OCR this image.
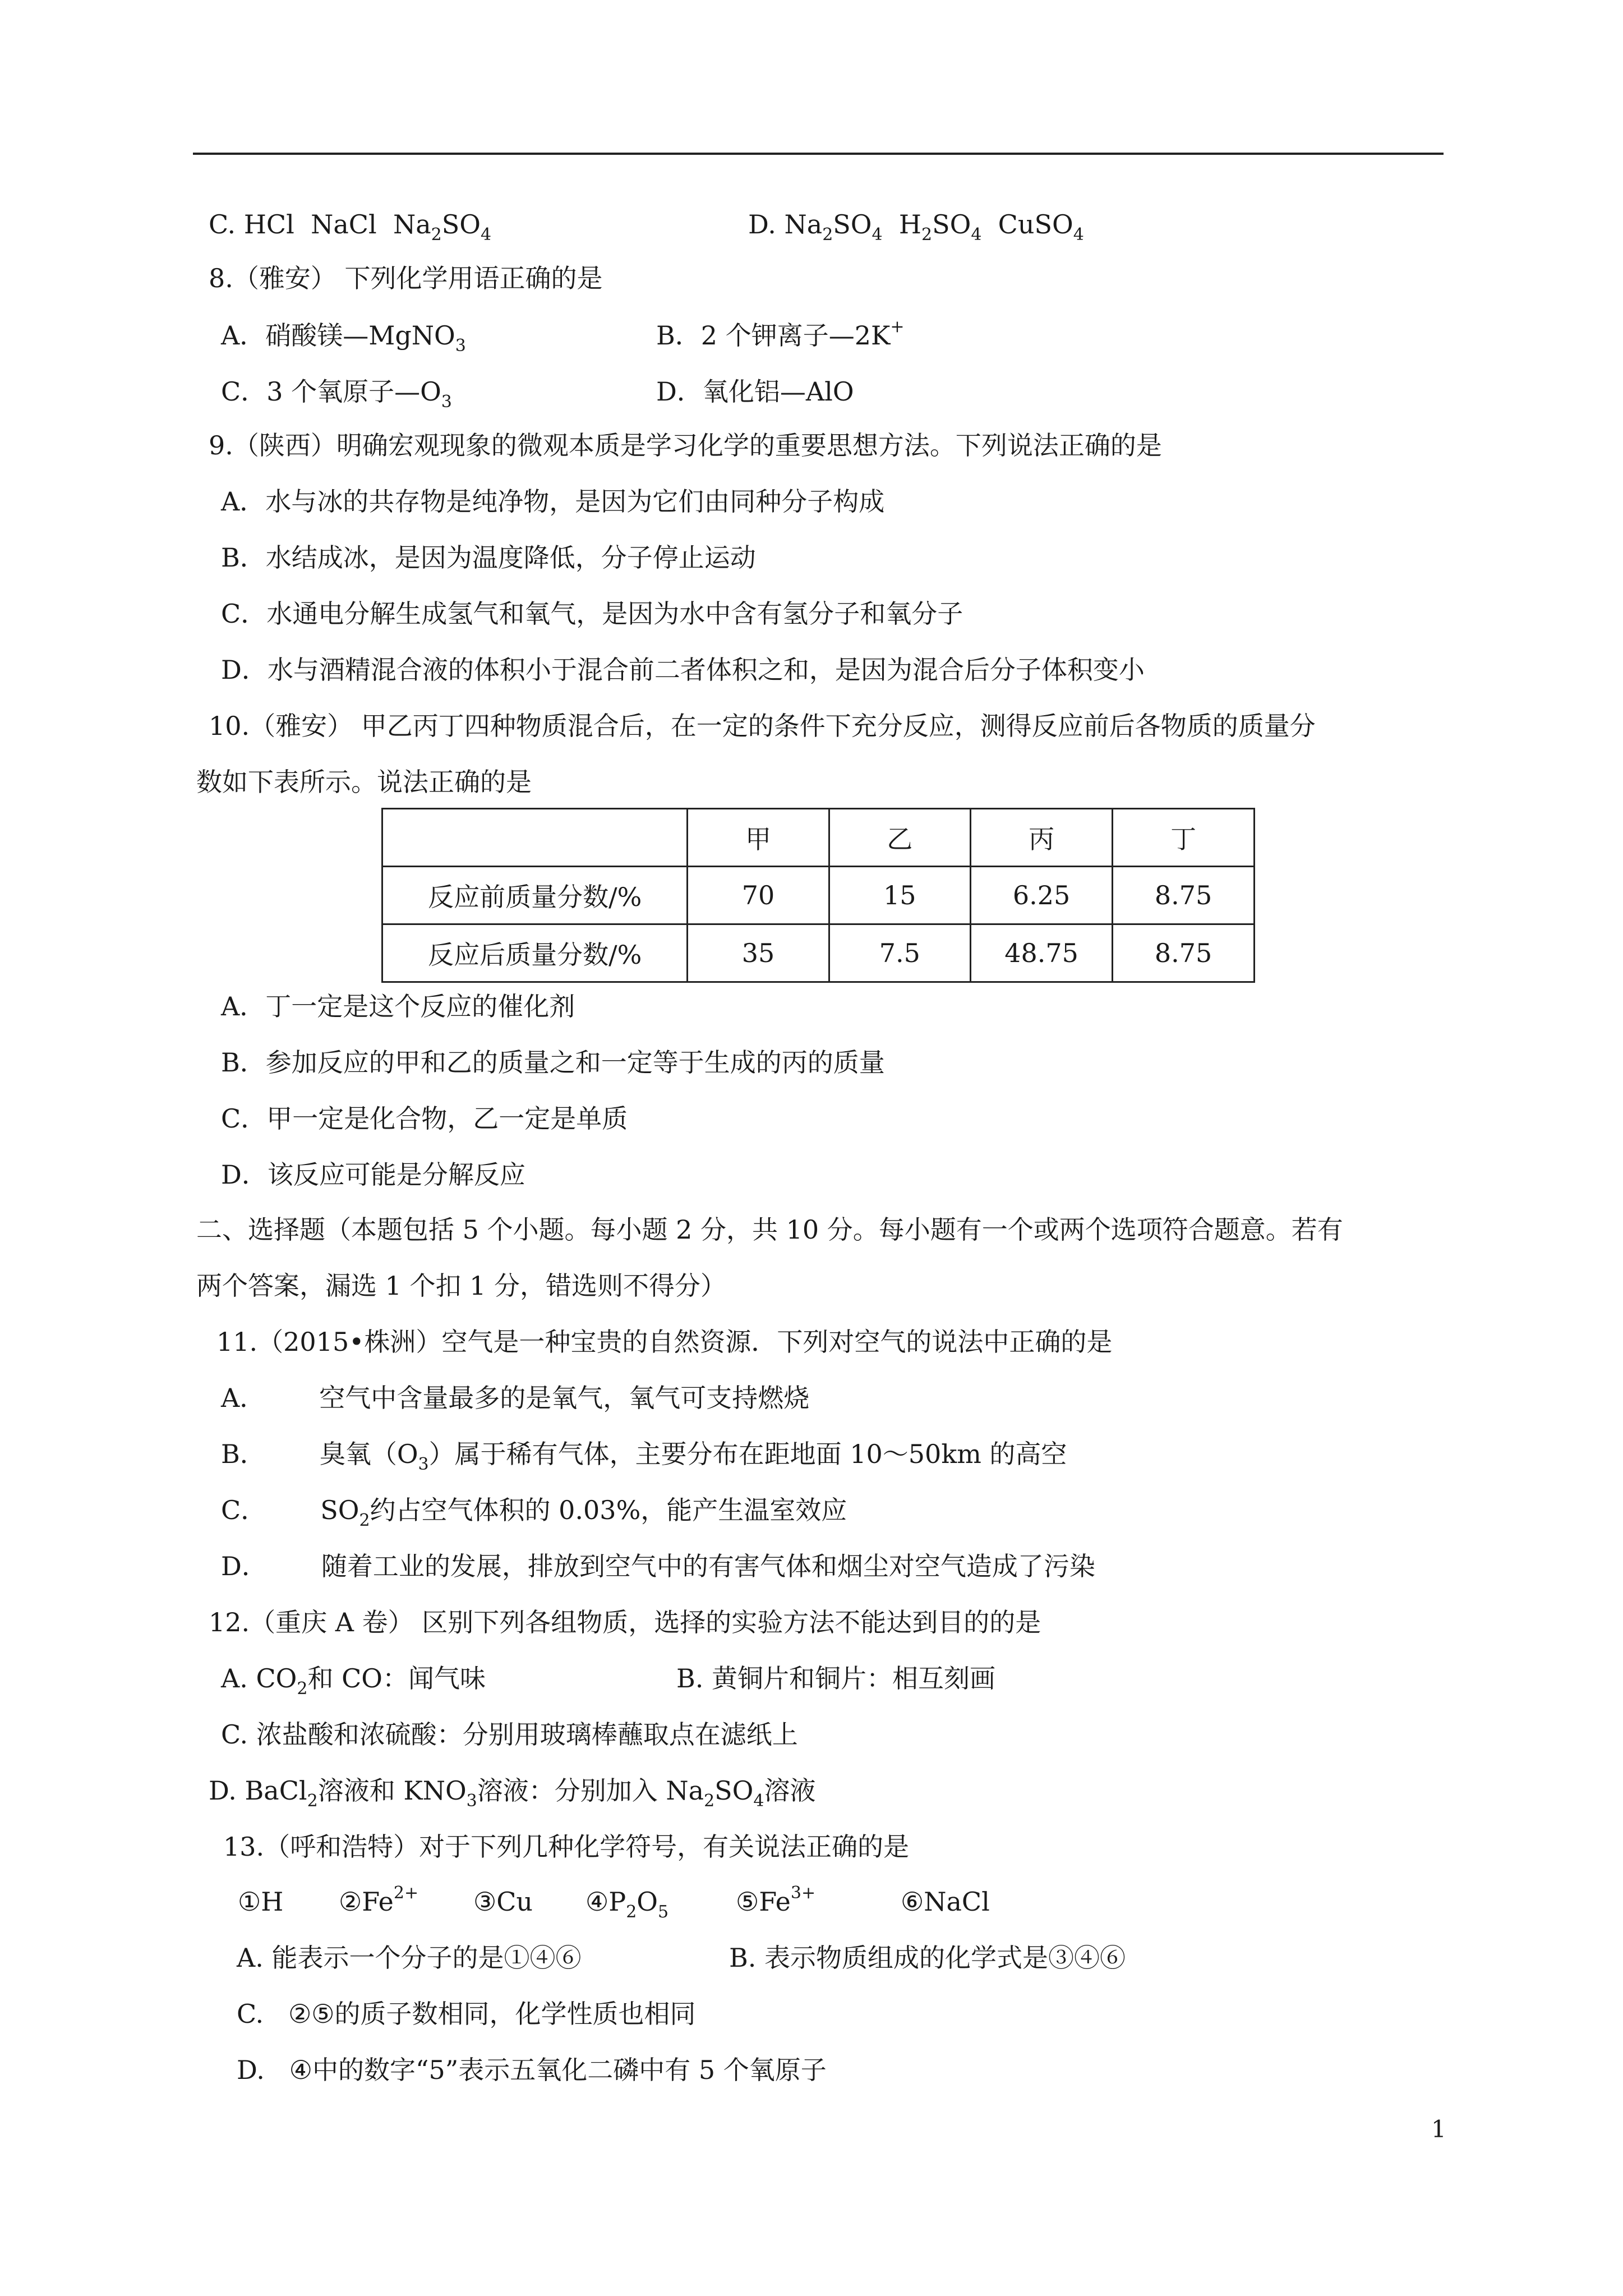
C. HCl NaCl $Na_2SO_4$	D. $Na_2SO_4$ $H_2SO_4$ CuSO$_4$
8.（雅安） 下列化学用语正确的是
A．硝酸镁—MgNO$_3$	B．2 个钾离子—2K+
C．3 个氧原子$—O_3$	D．氧化铝—AlO
9.（陕西）明确宏观现象的微观本质是学习化学的重要思想方法。下列说法正确的是
A．水与冰的共存物是纯净物，是因为它们由同种分子构成
B．水结成冰，是因为温度降低，分子停止运动
C．水通电分解生成氢气和氧气，是因为水中含有氢分子和氧分子
D．水与酒精混合液的体积小于混合前二者体积之和，是因为混合后分子体积变小
10.（雅安） 甲乙丙丁四种物质混合后，在一定的条件下充分反应，测得反应前后各物质的质量分
数如下表所示。说法正确的是
	甲	乙	丙	丁
反应前质量分数/%	70	15	6.25	8.75
反应后质量分数/%	35	7.5	48.75	8.75
A．丁一定是这个反应的催化剂
B．参加反应的甲和乙的质量之和一定等于生成的丙的质量
C．甲一定是化合物，乙一定是单质
D．该反应可能是分解反应
二、选择题（本题包括 5 个小题。每小题 2 分，共 10 分。每小题有一个或两个选项符合题意。若有
两个答案，漏选 1 个扣 1 分，错选则不得分）
11.（2015•株洲）空气是一种宝贵的自然资源．下列对空气的说法中正确的是
A． 空气中含量最多的是氧气，氧气可支持燃烧
B． 臭氧$(O_3)$属于稀有气体，主要分布在距地面 10～50km 的高空
C． $SO_2$约占空气体积的 0.03%，能产生温室效应
D． 随着工业的发展，排放到空气中的有害气体和烟尘对空气造成了污染
12.（重庆 A 卷） 区别下列各组物质，选择的实验方法不能达到目的的是
A. $CO_2$和 CO：闻气味	B. 黄铜片和铜片：相互刻画
C. 浓盐酸和浓硫酸：分别用玻璃棒蘸取点在滤纸上
D. BaCl$_2$溶液和 $KNO_3$溶液：分别加入 $Na_2SO_4$溶液
13.（呼和浩特）对于下列几种化学符号，有关说法正确的是
①H $②Fe^{2+}$ ③Cu $④P_2O_5$	$⑤Fe^{3+}$	⑥NaCl
A. 能表示一个分子的是①④⑥	B. 表示物质组成的化学式是③④⑥
C. ②⑤的质子数相同，化学性质也相同
D. ④中的数字“5”表示五氧化二磷中有 5 个氧原子
1
